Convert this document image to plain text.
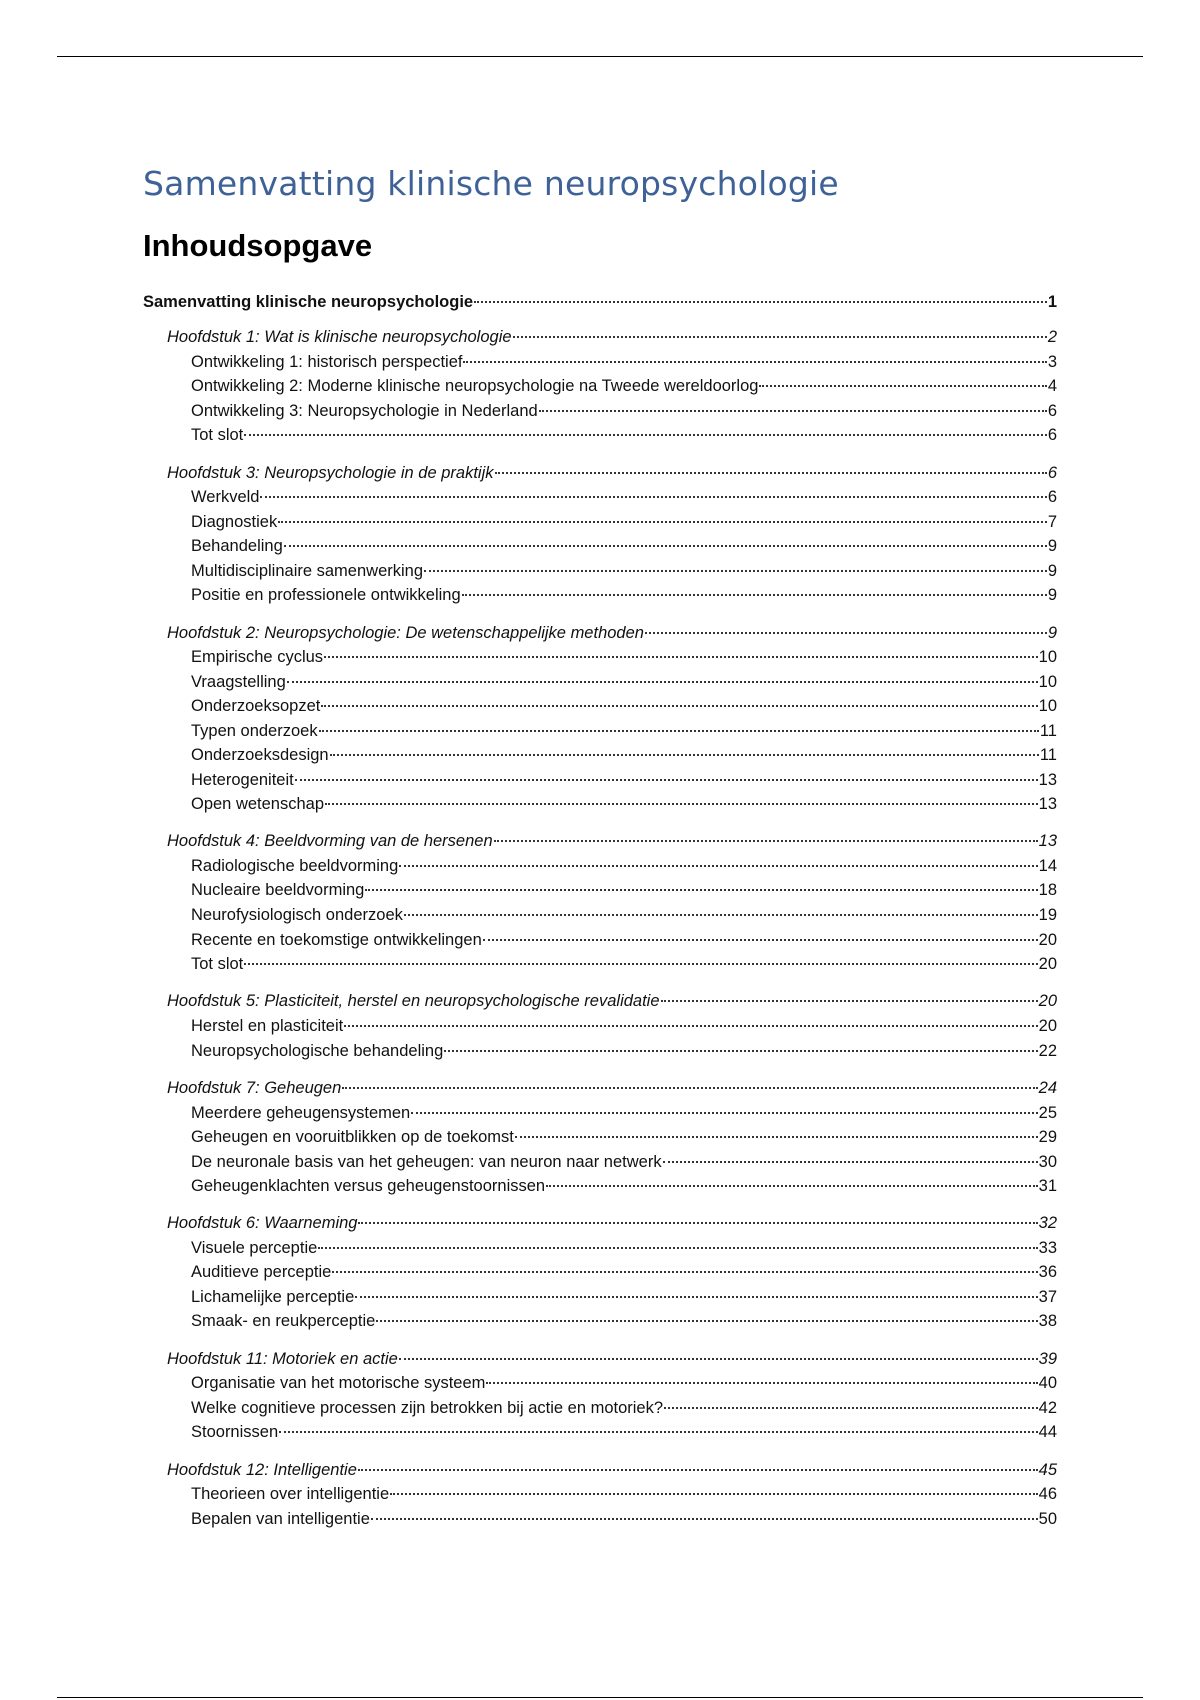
Samenvatting klinische neuropsychologie
Inhoudsopgave
Samenvatting klinische neuropsychologie	1
Hoofdstuk 1: Wat is klinische neuropsychologie	2
Ontwikkeling 1: historisch perspectief	3
Ontwikkeling 2: Moderne klinische neuropsychologie na Tweede wereldoorlog	4
Ontwikkeling 3: Neuropsychologie in Nederland	6
Tot slot	6
Hoofdstuk 3: Neuropsychologie in de praktijk	6
Werkveld	6
Diagnostiek	7
Behandeling	9
Multidisciplinaire samenwerking	9
Positie en professionele ontwikkeling	9
Hoofdstuk 2: Neuropsychologie: De wetenschappelijke methoden	9
Empirische cyclus	10
Vraagstelling	10
Onderzoeksopzet	10
Typen onderzoek	11
Onderzoeksdesign	11
Heterogeniteit	13
Open wetenschap	13
Hoofdstuk 4: Beeldvorming van de hersenen	13
Radiologische beeldvorming	14
Nucleaire beeldvorming	18
Neurofysiologisch onderzoek	19
Recente en toekomstige ontwikkelingen	20
Tot slot	20
Hoofdstuk 5: Plasticiteit, herstel en neuropsychologische revalidatie	20
Herstel en plasticiteit	20
Neuropsychologische behandeling	22
Hoofdstuk 7: Geheugen	24
Meerdere geheugensystemen	25
Geheugen en vooruitblikken op de toekomst	29
De neuronale basis van het geheugen: van neuron naar netwerk	30
Geheugenklachten versus geheugenstoornissen	31
Hoofdstuk 6: Waarneming	32
Visuele perceptie	33
Auditieve perceptie	36
Lichamelijke perceptie	37
Smaak- en reukperceptie	38
Hoofdstuk 11: Motoriek en actie	39
Organisatie van het motorische systeem	40
Welke cognitieve processen zijn betrokken bij actie en motoriek?	42
Stoornissen	44
Hoofdstuk 12: Intelligentie	45
Theorieen over intelligentie	46
Bepalen van intelligentie	50
